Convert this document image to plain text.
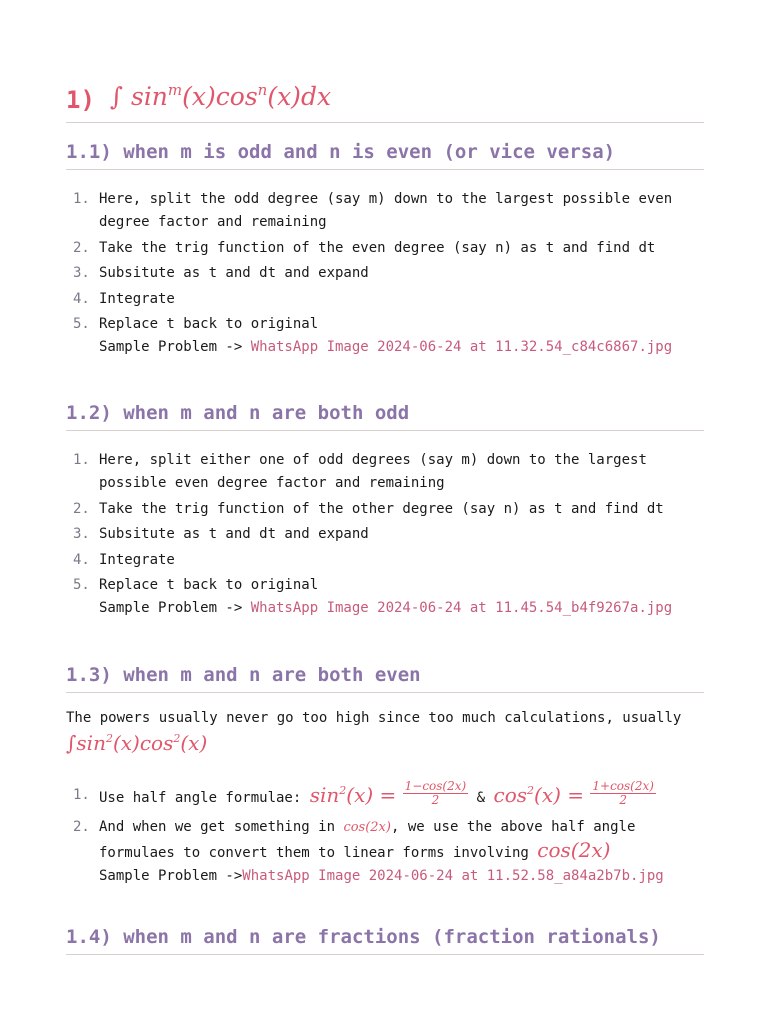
1) ∫ $\sin^m(x)\cos^n(x)dx$
1.1) when m is odd and n is even (or vice versa)
1. Here, split the odd degree (say m) down to the largest possible even
degree factor and remaining
2. Take the trig function of the even degree (say n) as t and find dt
3. Subsitute as t and dt and expand
4. Integrate
5. Replace t back to original
Sample Problem -> WhatsApp Image 2024-06-24 at 11.32.54_c84c6867.jpg
1.2) when m and n are both odd
1. Here, split either one of odd degrees (say m) down to the largest
possible even degree factor and remaining
2. Take the trig function of the other degree (say n) as t and find dt
3. Subsitute as t and dt and expand
4. Integrate
5. Replace t back to original
Sample Problem -> WhatsApp Image 2024-06-24 at 11.45.54_b4f9267a.jpg
1.3) when m and n are both even
The powers usually never go too high since too much calculations, usually
$\int\sin^2(x)\cos^2(x)$
1. Use half angle formulae: $\sin^2(x) = \frac{1-\cos(2x)}{2}$ & $\cos^2(x) = \frac{1+\cos(2x)}{2}$
2. And when we get something in cos(2x), we use the above half angle
formulaes to convert them to linear forms involving cos(2x)
Sample Problem ->WhatsApp Image 2024-06-24 at 11.52.58_a84a2b7b.jpg
1.4) when m and n are fractions (fraction rationals)
